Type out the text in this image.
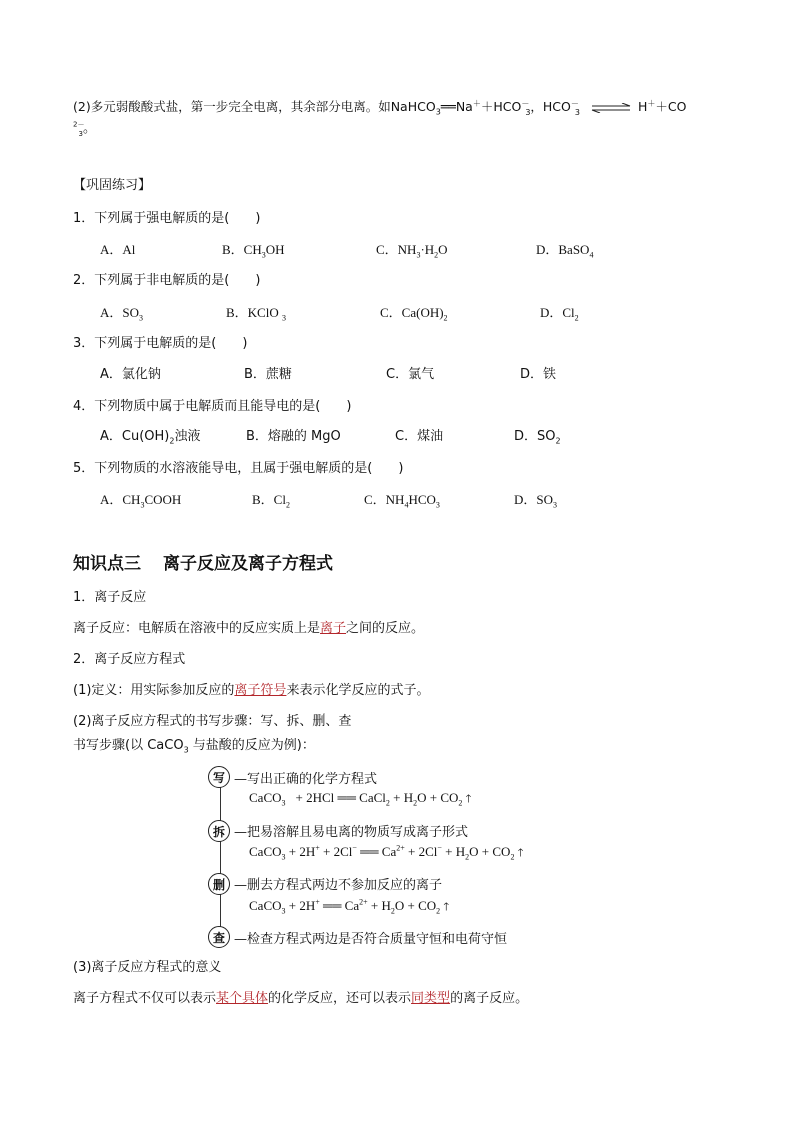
(2)多元弱酸酸式盐，第一步完全电离，其余部分电离。如$NaHCO_3══Na^++HCO^-_3$，$HCO^-_3$ ⇌ H＋＋CO
$^{2-}_3$。
【巩固练习】
1．下列属于强电解质的是(　　)
A．Al	B．$CH_3OH$	C．$NH_3\cdot H_2O$	D．BaSO$_4$
2．下列属于非电解质的是(　　)
A．$SO_3$	B．KClO $_3$	C．$Ca(OH)_2$	D．$Cl_2$
3．下列属于电解质的是(　　)
A．氯化钠	B．蔗糖	C．氯气	D．铁
4．下列物质中属于电解质而且能导电的是(　　)
A．$Cu(OH)_2$浊液	B．熔融的 MgO	C．煤油	D．$SO_2$
5．下列物质的水溶液能导电，且属于强电解质的是(　　)
A．$CH_3COOH$	B．$Cl_2$	C．$NH_4HCO_3$	D．$SO_3$
知识点三 离子反应及离子方程式
1．离子反应
离子反应：电解质在溶液中的反应实质上是离子之间的反应。
2．离子反应方程式
(1)定义：用实际参加反应的离子符号来表示化学反应的式子。
(2)离子反应方程式的书写步骤：写、拆、删、查
书写步骤(以 CaCO$_3$ 与盐酸的反应为例)：
写 —写出正确的化学方程式
CaCO$_3$ + 2HCl ══ CaCl$_2$ + $H_2O + CO_2$ 🡑
拆 —把易溶解且易电离的物质写成离子形式
CaCO$_3$ + 2H+ + 2Cl− ══ $Ca^{2+} + 2Cl^- + H_2O + CO_2$ 🡑
删 —删去方程式两边不参加反应的离子
CaCO$_3$ + 2H+ ══ $Ca^{2+} + H_2O + CO_2$ 🡑
查 —检查方程式两边是否符合质量守恒和电荷守恒
(3)离子反应方程式的意义
离子方程式不仅可以表示某个具体的化学反应，还可以表示同类型的离子反应。
